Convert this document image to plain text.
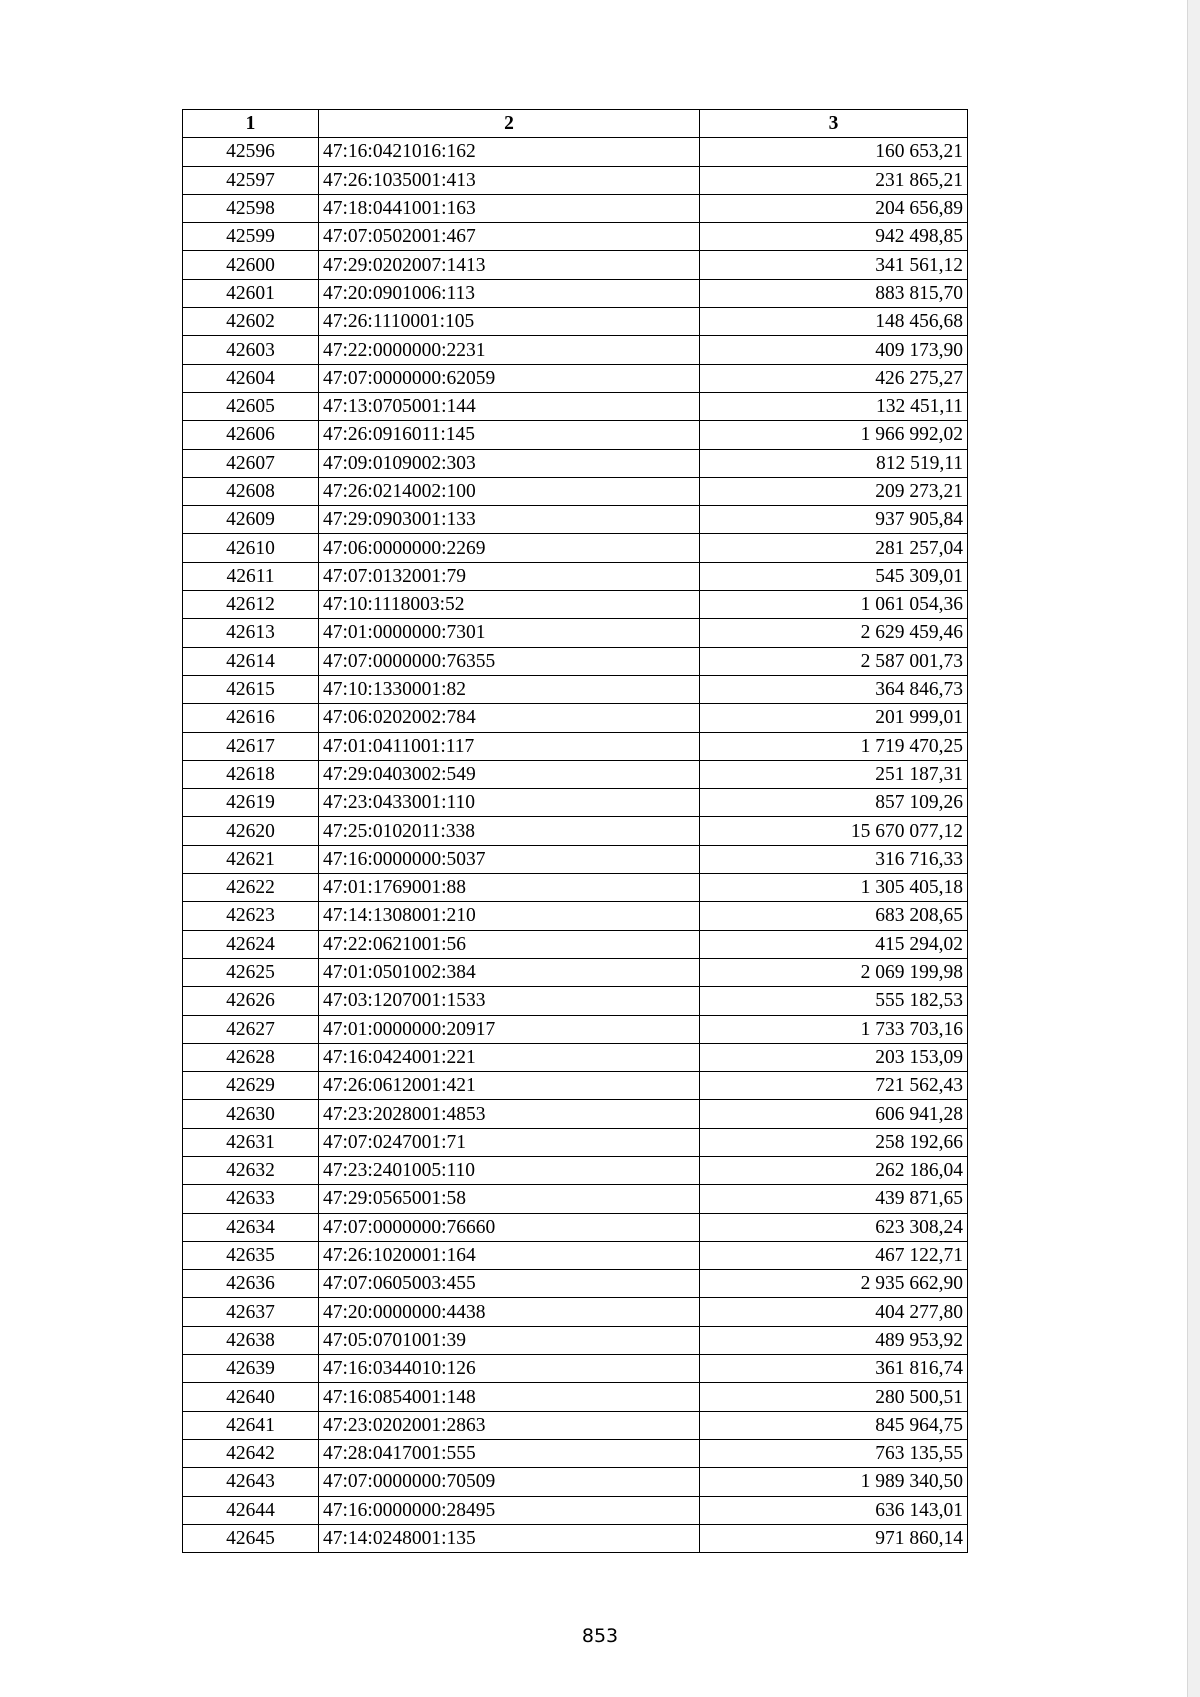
1	2	3
42596	47:16:0421016:162	160 653,21
42597	47:26:1035001:413	231 865,21
42598	47:18:0441001:163	204 656,89
42599	47:07:0502001:467	942 498,85
42600	47:29:0202007:1413	341 561,12
42601	47:20:0901006:113	883 815,70
42602	47:26:1110001:105	148 456,68
42603	47:22:0000000:2231	409 173,90
42604	47:07:0000000:62059	426 275,27
42605	47:13:0705001:144	132 451,11
42606	47:26:0916011:145	1 966 992,02
42607	47:09:0109002:303	812 519,11
42608	47:26:0214002:100	209 273,21
42609	47:29:0903001:133	937 905,84
42610	47:06:0000000:2269	281 257,04
42611	47:07:0132001:79	545 309,01
42612	47:10:1118003:52	1 061 054,36
42613	47:01:0000000:7301	2 629 459,46
42614	47:07:0000000:76355	2 587 001,73
42615	47:10:1330001:82	364 846,73
42616	47:06:0202002:784	201 999,01
42617	47:01:0411001:117	1 719 470,25
42618	47:29:0403002:549	251 187,31
42619	47:23:0433001:110	857 109,26
42620	47:25:0102011:338	15 670 077,12
42621	47:16:0000000:5037	316 716,33
42622	47:01:1769001:88	1 305 405,18
42623	47:14:1308001:210	683 208,65
42624	47:22:0621001:56	415 294,02
42625	47:01:0501002:384	2 069 199,98
42626	47:03:1207001:1533	555 182,53
42627	47:01:0000000:20917	1 733 703,16
42628	47:16:0424001:221	203 153,09
42629	47:26:0612001:421	721 562,43
42630	47:23:2028001:4853	606 941,28
42631	47:07:0247001:71	258 192,66
42632	47:23:2401005:110	262 186,04
42633	47:29:0565001:58	439 871,65
42634	47:07:0000000:76660	623 308,24
42635	47:26:1020001:164	467 122,71
42636	47:07:0605003:455	2 935 662,90
42637	47:20:0000000:4438	404 277,80
42638	47:05:0701001:39	489 953,92
42639	47:16:0344010:126	361 816,74
42640	47:16:0854001:148	280 500,51
42641	47:23:0202001:2863	845 964,75
42642	47:28:0417001:555	763 135,55
42643	47:07:0000000:70509	1 989 340,50
42644	47:16:0000000:28495	636 143,01
42645	47:14:0248001:135	971 860,14
853
